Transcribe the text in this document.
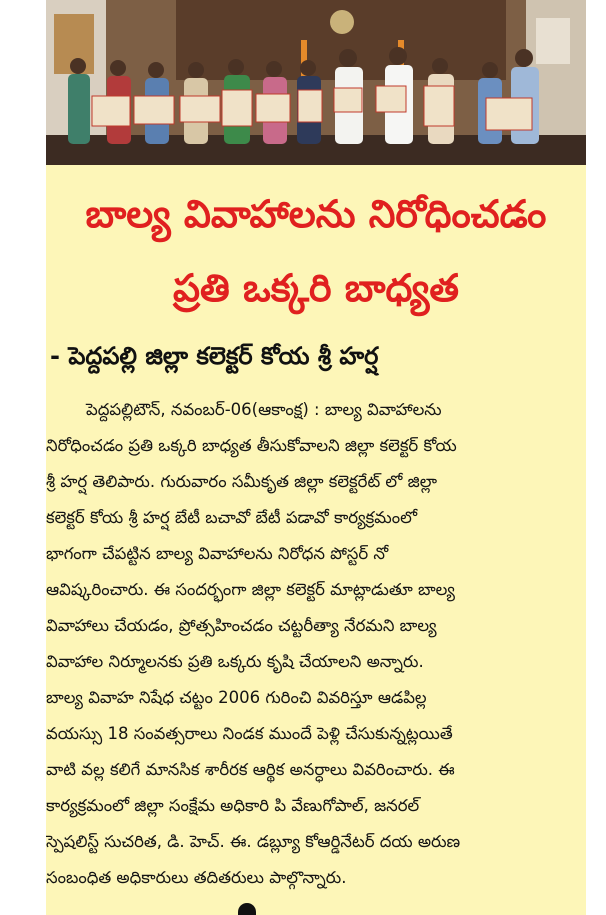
బాల్య వివాహాలను నిరోధించడం
ప్రతి ఒక్కరి బాధ్యత
- పెద్దపల్లి జిల్లా కలెక్టర్ కోయ శ్రీ హర్ష
పెద్దపల్లిటౌన్, నవంబర్-06(ఆకాంక్ష) : బాల్య వివాహాలను
నిరోధించడం ప్రతి ఒక్కరి బాధ్యత తీసుకోవాలని జిల్లా కలెక్టర్ కోయ
శ్రీ హర్ష తెలిపారు. గురువారం సమీకృత జిల్లా కలెక్టరేట్ లో జిల్లా
కలెక్టర్ కోయ శ్రీ హర్ష బేటీ బచావో బేటీ పడావో కార్యక్రమంలో
భాగంగా చేపట్టిన బాల్య వివాహాలను నిరోధన పోస్టర్ నో
ఆవిష్కరించారు. ఈ సందర్భంగా జిల్లా కలెక్టర్ మాట్లాడుతూ బాల్య
వివాహాలు చేయడం, ప్రోత్సహించడం చట్టరీత్యా నేరమని బాల్య
వివాహాల నిర్మూలనకు ప్రతి ఒక్కరు కృషి చేయాలని అన్నారు.
బాల్య వివాహ నిషేధ చట్టం 2006 గురించి వివరిస్తూ ఆడపిల్ల
వయస్సు 18 సంవత్సరాలు నిండక ముందే పెళ్లి చేసుకున్నట్లయితే
వాటి వల్ల కలిగే మానసిక శారీరక ఆర్థిక అనర్ధాలు వివరించారు. ఈ
కార్యక్రమంలో జిల్లా సంక్షేమ అధికారి పి వేణుగోపాల్, జనరల్
స్పెషలిస్ట్ సుచరిత, డి. హెచ్. ఈ. డబ్ల్యూ కోఆర్డినేటర్ దయ అరుణ
సంబంధిత అధికారులు తదితరులు పాల్గొన్నారు.
